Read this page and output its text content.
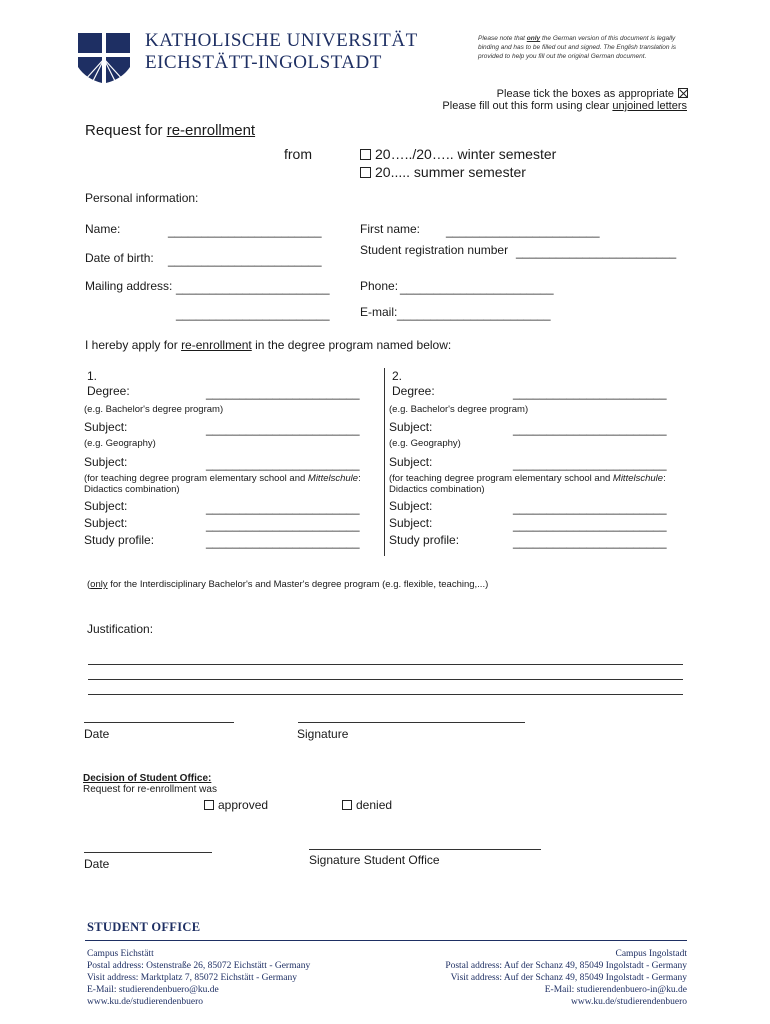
KATHOLISCHE UNIVERSITÄT
EICHSTÄTT-INGOLSTADT
Please note that only the German version of this document is legally
binding and has to be filled out and signed. The English translation is
provided to help you fill out the original German document.
Please tick the boxes as appropriate
Please fill out this form using clear unjoined letters
Request for re-enrollment
from	20…../20….. winter semester
20..... summer semester
Personal information:
Name:	_______________________	First name: _______________________
Student registration number ________________________
Date of birth: _______________________
Mailing address: _______________________	Phone: _______________________
_______________________	E-mail: _______________________
I hereby apply for re-enrollment in the degree program named below:
1.
Degree:	_______________________
(e.g. Bachelor's degree program)
Subject:	_______________________
(e.g. Geography)
Subject:	_______________________
(for teaching degree program elementary school and Mittelschule:
Didactics combination)
Subject:	_______________________
Subject:	_______________________
Study profile:	_______________________
2.
Degree:	_______________________
(e.g. Bachelor's degree program)
Subject:	_______________________
(e.g. Geography)
Subject:	_______________________
(for teaching degree program elementary school and Mittelschule:
Didactics combination)
Subject:	_______________________
Subject:	_______________________
Study profile:	_______________________
(only for the Interdisciplinary Bachelor's and Master's degree program (e.g. flexible, teaching,...)
Justification:
Date	Signature
Decision of Student Office:
Request for re-enrollment was
approved	denied
Date	Signature Student Office
STUDENT OFFICE
Campus Eichstätt
Postal address: Ostenstraße 26, 85072 Eichstätt - Germany
Visit address: Marktplatz 7, 85072 Eichstätt - Germany
E-Mail: studierendenbuero@ku.de
www.ku.de/studierendenbuero
Campus Ingolstadt
Postal address: Auf der Schanz 49, 85049 Ingolstadt - Germany
Visit address: Auf der Schanz 49, 85049 Ingolstadt - Germany
E-Mail: studierendenbuero-in@ku.de
www.ku.de/studierendenbuero
